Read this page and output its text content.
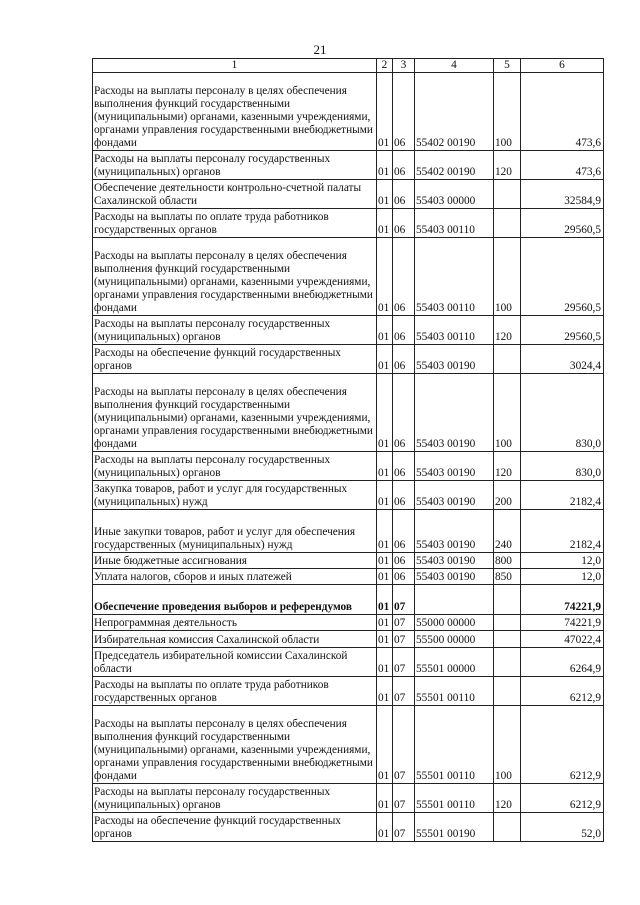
21
1	2	3	4	5	6
Расходы на выплаты персоналу в целях обеспечения выполнения функций государственными (муниципальными) органами, казенными учреждениями, органами управления государственными внебюджетными фондами	01	06	55402 00190	100	473,6
Расходы на выплаты персоналу государственных (муниципальных) органов	01	06	55402 00190	120	473,6
Обеспечение деятельности контрольно-счетной палаты Сахалинской области	01	06	55403 00000		32584,9
Расходы на выплаты по оплате труда работников государственных органов	01	06	55403 00110		29560,5
Расходы на выплаты персоналу в целях обеспечения выполнения функций государственными (муниципальными) органами, казенными учреждениями, органами управления государственными внебюджетными фондами	01	06	55403 00110	100	29560,5
Расходы на выплаты персоналу государственных (муниципальных) органов	01	06	55403 00110	120	29560,5
Расходы на обеспечение функций государственных органов	01	06	55403 00190		3024,4
Расходы на выплаты персоналу в целях обеспечения выполнения функций государственными (муниципальными) органами, казенными учреждениями, органами управления государственными внебюджетными фондами	01	06	55403 00190	100	830,0
Расходы на выплаты персоналу государственных (муниципальных) органов	01	06	55403 00190	120	830,0
Закупка товаров, работ и услуг для государственных (муниципальных) нужд	01	06	55403 00190	200	2182,4
Иные закупки товаров, работ и услуг для обеспечения государственных (муниципальных) нужд	01	06	55403 00190	240	2182,4
Иные бюджетные ассигнования	01	06	55403 00190	800	12,0
Уплата налогов, сборов и иных платежей	01	06	55403 00190	850	12,0
Обеспечение проведения выборов и референдумов	01	07			74221,9
Непрограммная деятельность	01	07	55000 00000		74221,9
Избирательная комиссия Сахалинской области	01	07	55500 00000		47022,4
Председатель избирательной комиссии Сахалинской области	01	07	55501 00000		6264,9
Расходы на выплаты по оплате труда работников государственных органов	01	07	55501 00110		6212,9
Расходы на выплаты персоналу в целях обеспечения выполнения функций государственными (муниципальными) органами, казенными учреждениями, органами управления государственными внебюджетными фондами	01	07	55501 00110	100	6212,9
Расходы на выплаты персоналу государственных (муниципальных) органов	01	07	55501 00110	120	6212,9
Расходы на обеспечение функций государственных органов	01	07	55501 00190		52,0
